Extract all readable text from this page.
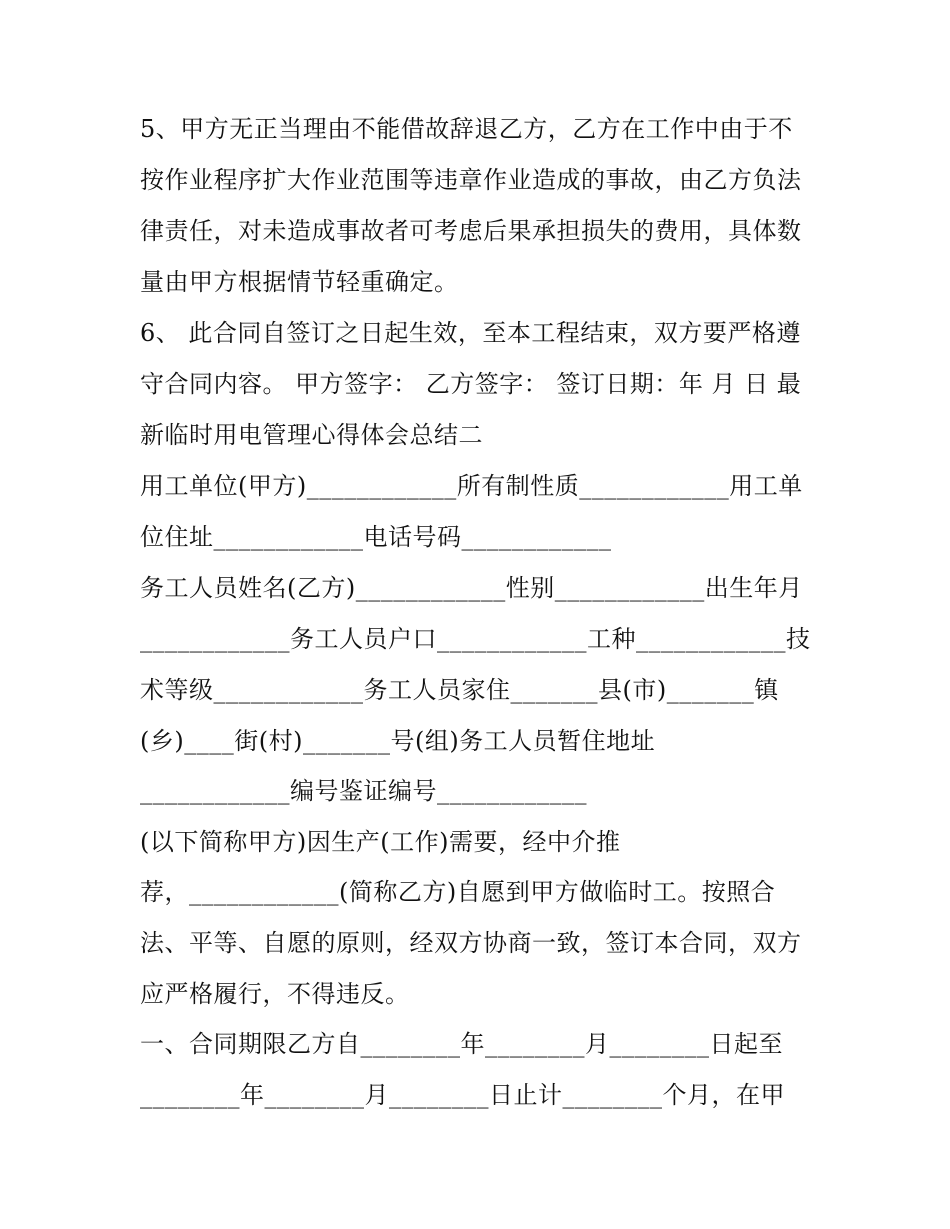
5、甲方无正当理由不能借故辞退乙方，乙方在工作中由于不
按作业程序扩大作业范围等违章作业造成的事故，由乙方负法
律责任，对未造成事故者可考虑后果承担损失的费用，具体数
量由甲方根据情节轻重确定。
6、 此合同自签订之日起生效，至本工程结束，双方要严格遵
守合同内容。 甲方签字： 乙方签字： 签订日期：年 月 日 最
新临时用电管理心得体会总结二
用工单位(甲方)____________所有制性质____________用工单
位住址____________电话号码____________
务工人员姓名(乙方)____________性别____________出生年月
____________务工人员户口____________工种____________技
术等级____________务工人员家住_______县(市)_______镇
(乡)____街(村)_______号(组)务工人员暂住地址
____________编号鉴证编号____________
(以下简称甲方)因生产(工作)需要，经中介推
荐，____________(简称乙方)自愿到甲方做临时工。按照合
法、平等、自愿的原则，经双方协商一致，签订本合同，双方
应严格履行，不得违反。
一、合同期限乙方自________年________月________日起至
________年________月________日止计________个月，在甲
